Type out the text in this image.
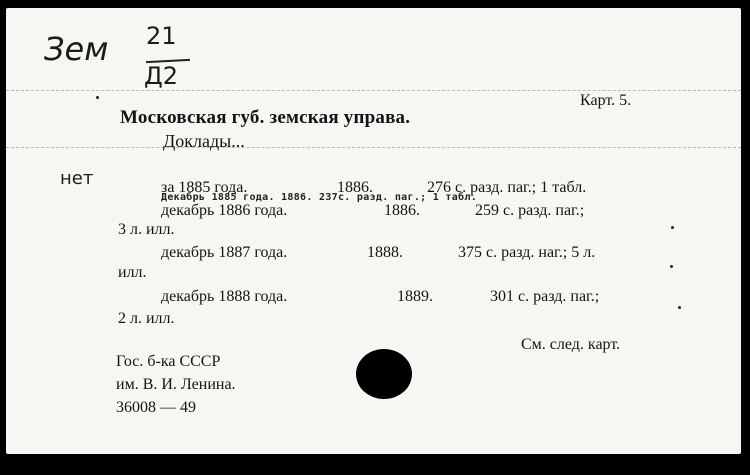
Зем 21
Д2
Карт. 5.
Московская губ. земская управа.
Доклады...
нет	за 1885 года.	1886.	276 с. разд. паг.; 1 табл.
Декабрь 1885 года. 1886. 237с. разд. паг.; 1 табл.
декабрь 1886 года.	1886.	259 с. разд. паг.;
3 л. илл.
декабрь 1887 года.	1888.	375 с. разд. наг.; 5 л.
илл.
декабрь 1888 года.	1889.	301 с. разд. паг.;
2 л. илл.
См. след. карт.
Гос. б-ка СССР
им. В. И. Ленина.
36008 — 49
